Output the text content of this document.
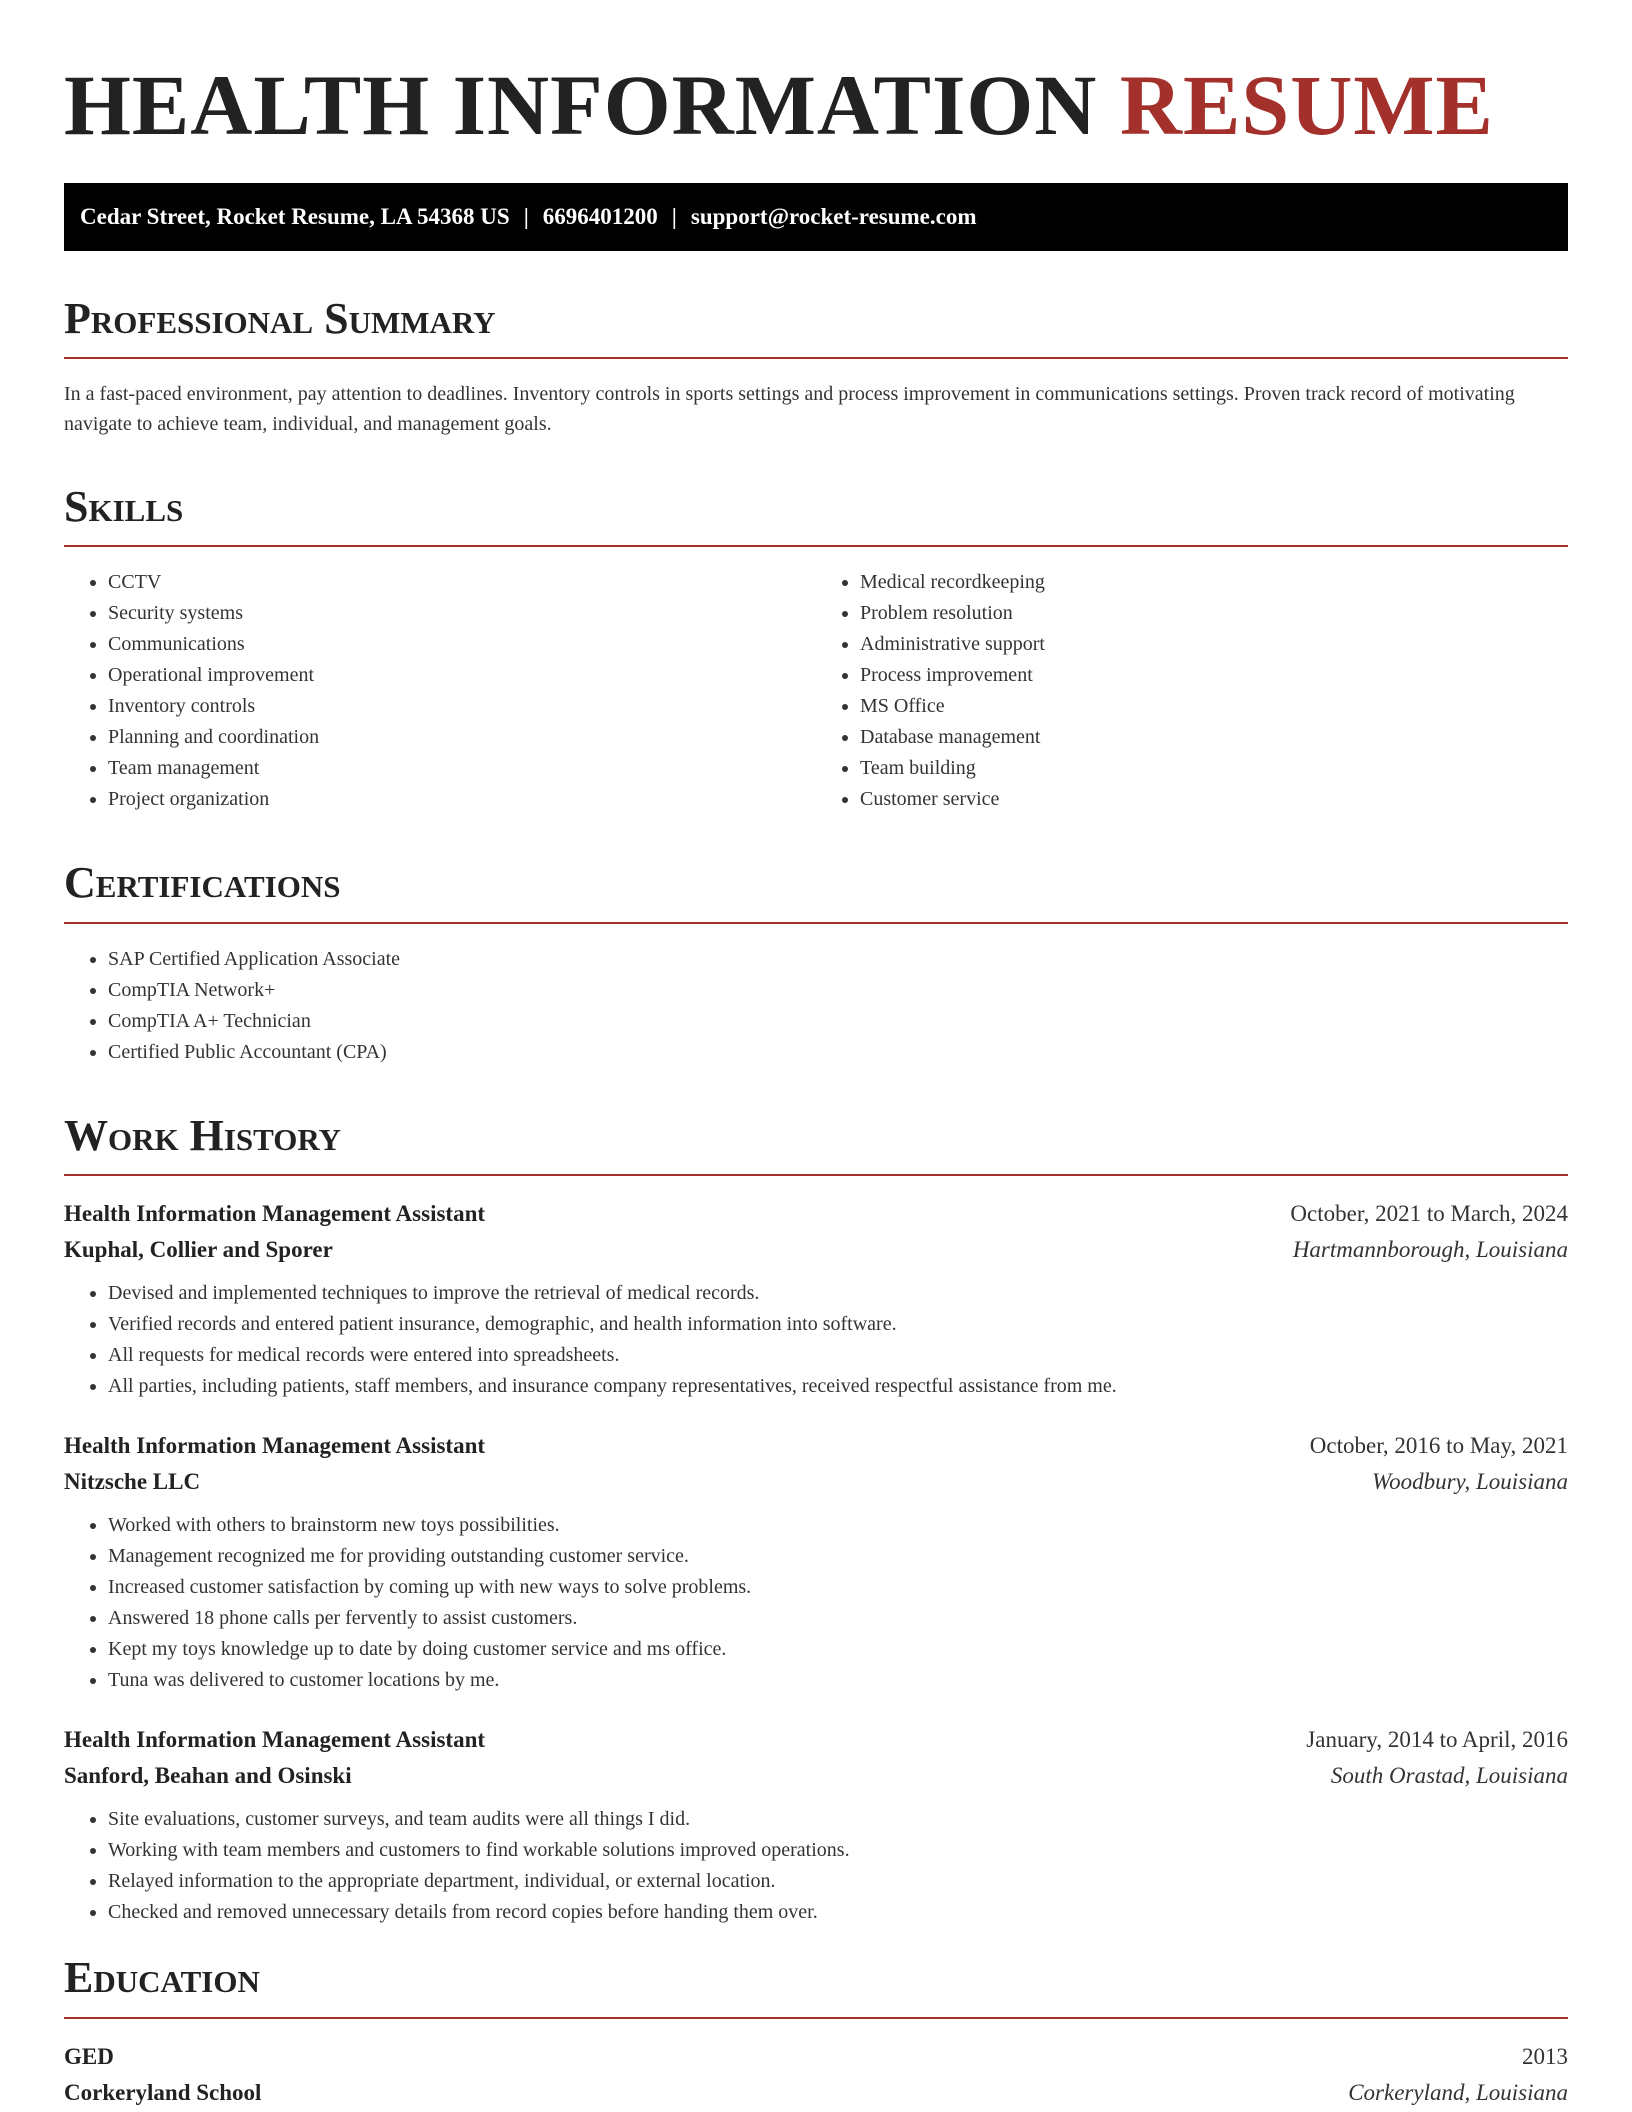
HEALTH INFORMATION RESUME
Cedar Street, Rocket Resume, LA 54368 US | 6696401200 | support@rocket-resume.com
Professional Summary

In a fast-paced environment, pay attention to deadlines. Inventory controls in sports settings and process improvement in communications settings. Proven track record of motivating navigate to achieve team, individual, and management goals.

Skills
• CCTV
• Security systems
• Communications
• Operational improvement
• Inventory controls
• Planning and coordination
• Team management
• Project organization
• Medical recordkeeping
• Problem resolution
• Administrative support
• Process improvement
• MS Office
• Database management
• Team building
• Customer service
Certifications
• SAP Certified Application Associate
• CompTIA Network+
• CompTIA A+ Technician
• Certified Public Accountant (CPA)
Work History
Health Information Management Assistant	October, 2021 to March, 2024
Kuphal, Collier and Sporer	Hartmannborough, Louisiana
• Devised and implemented techniques to improve the retrieval of medical records.
• Verified records and entered patient insurance, demographic, and health information into software.
• All requests for medical records were entered into spreadsheets.
• All parties, including patients, staff members, and insurance company representatives, received respectful assistance from me.
Health Information Management Assistant	October, 2016 to May, 2021
Nitzsche LLC	Woodbury, Louisiana
• Worked with others to brainstorm new toys possibilities.
• Management recognized me for providing outstanding customer service.
• Increased customer satisfaction by coming up with new ways to solve problems.
• Answered 18 phone calls per fervently to assist customers.
• Kept my toys knowledge up to date by doing customer service and ms office.
• Tuna was delivered to customer locations by me.
Health Information Management Assistant	January, 2014 to April, 2016
Sanford, Beahan and Osinski	South Orastad, Louisiana
• Site evaluations, customer surveys, and team audits were all things I did.
• Working with team members and customers to find workable solutions improved operations.
• Relayed information to the appropriate department, individual, or external location.
• Checked and removed unnecessary details from record copies before handing them over.
Education
GED	2013
Corkeryland School	Corkeryland, Louisiana
